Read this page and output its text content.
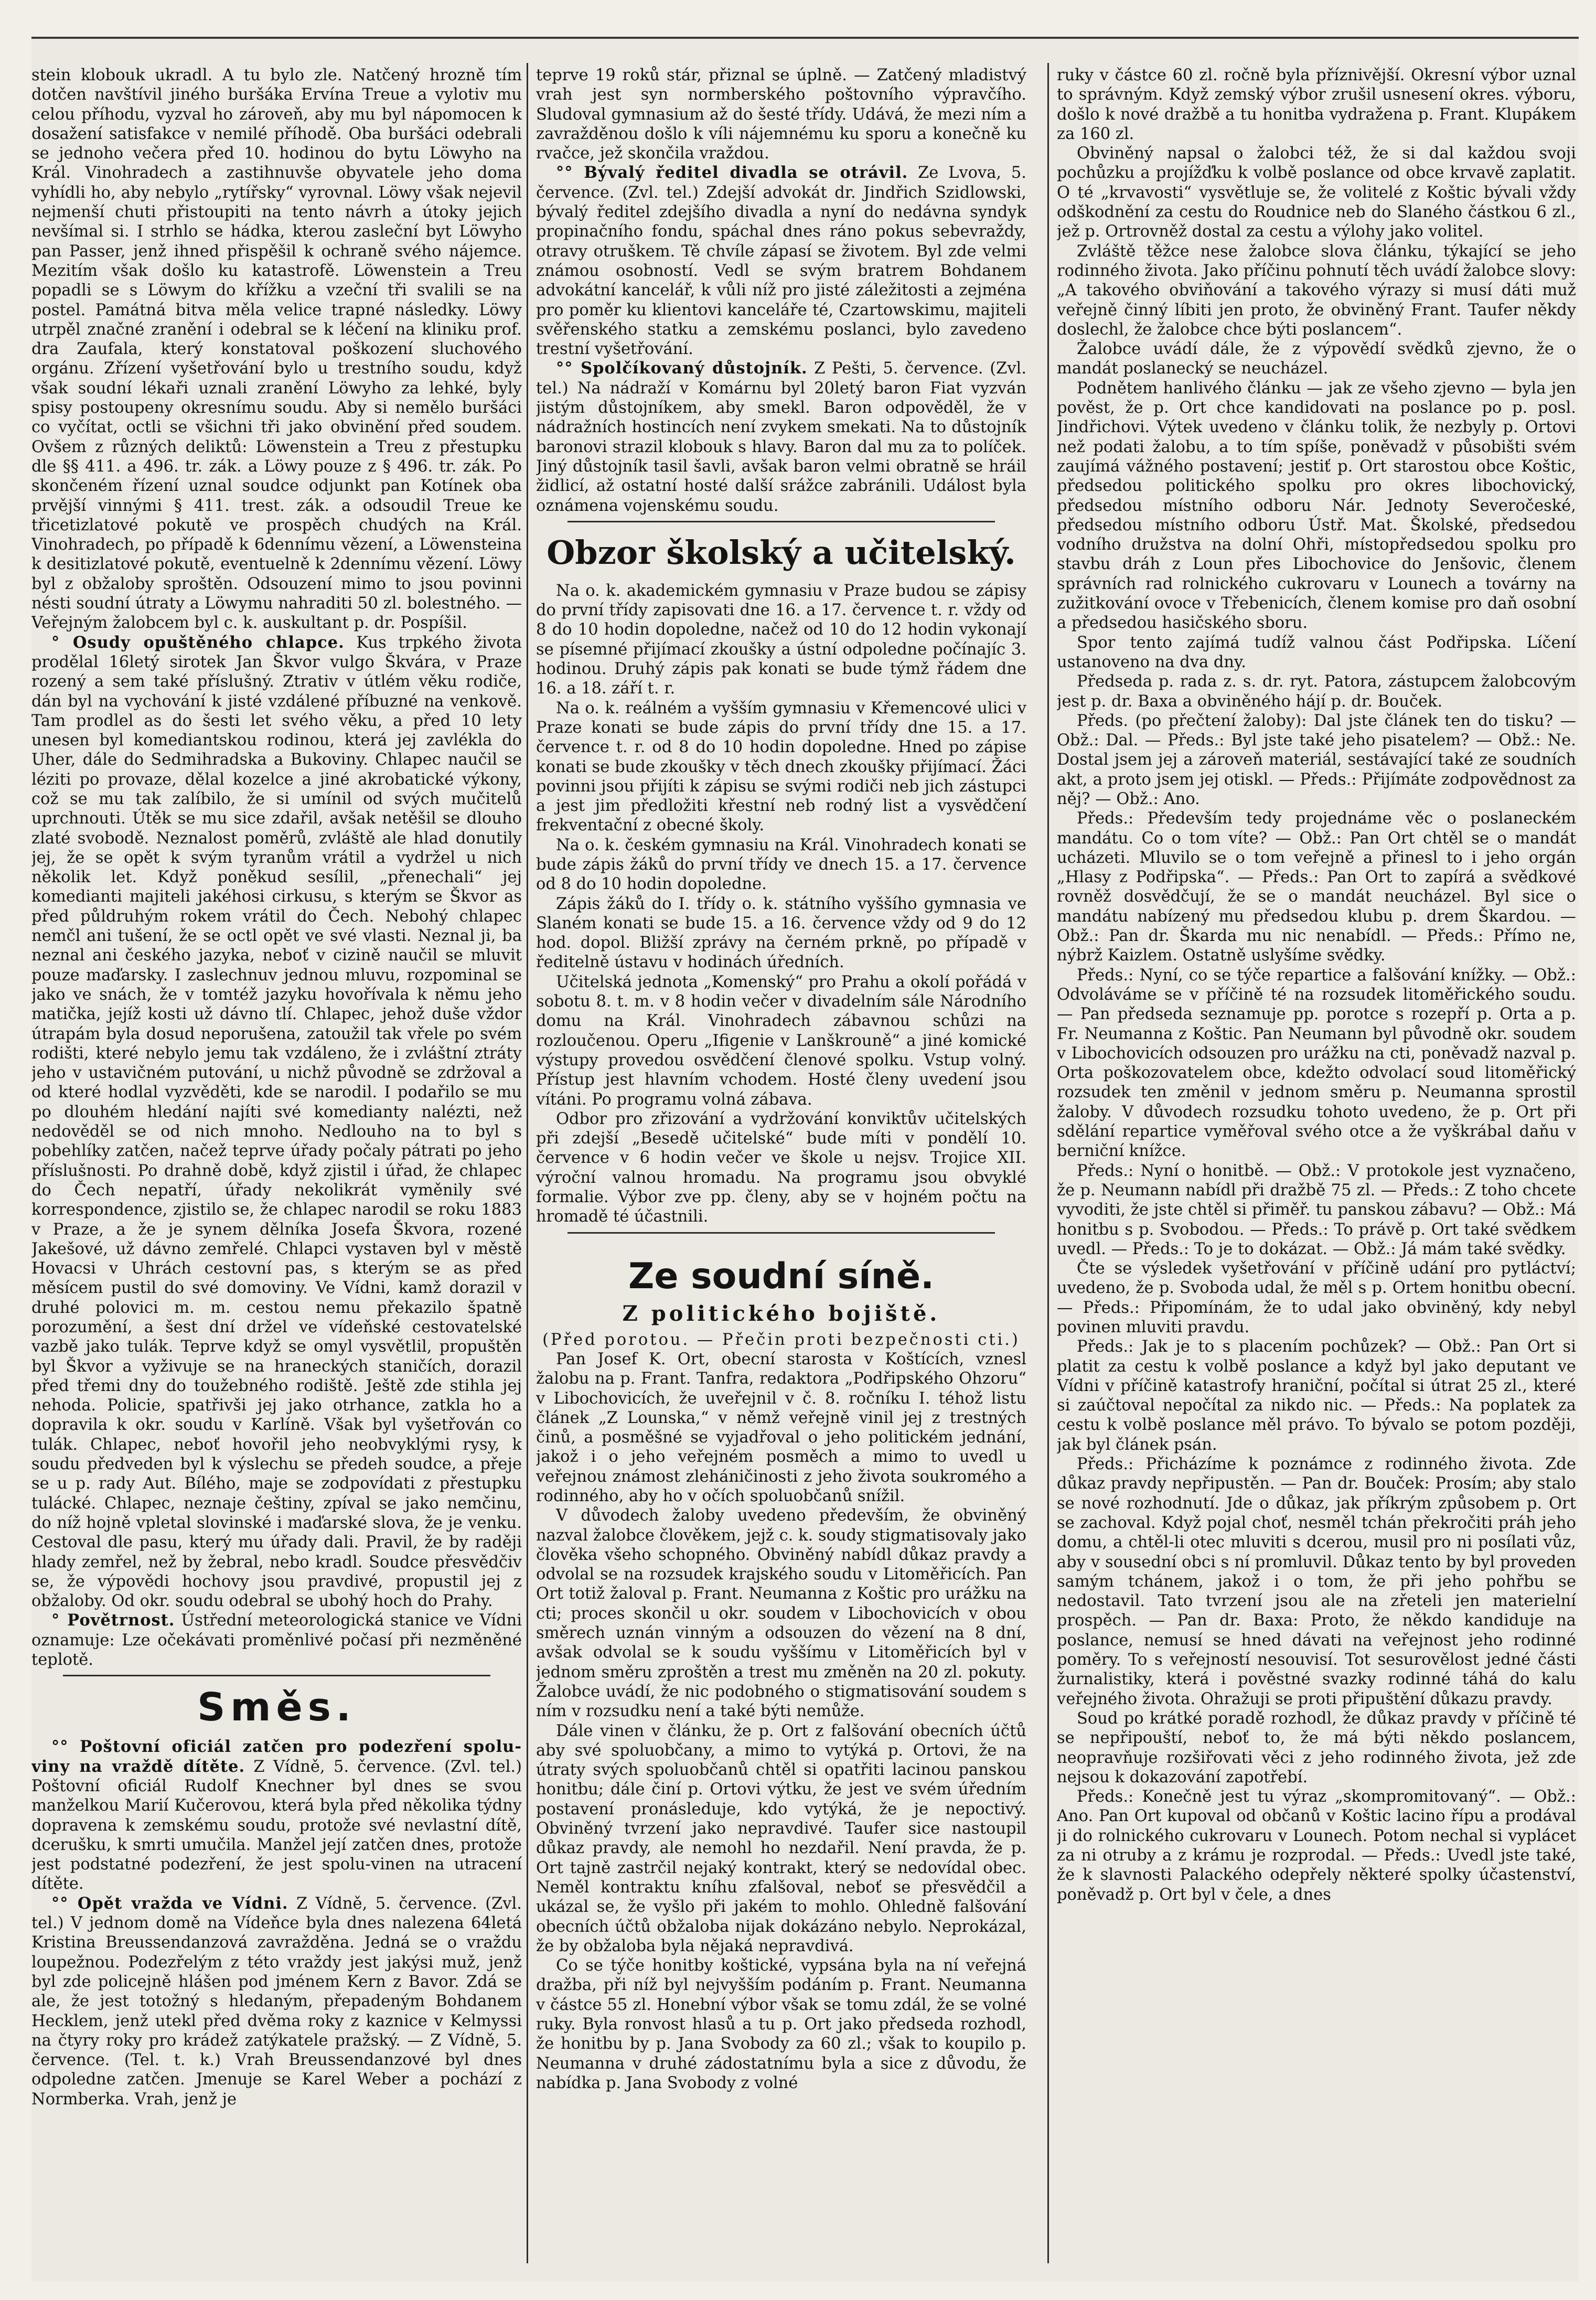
stein klobouk ukradl. A tu bylo zle. Natčený hrozně tím dotčen navštívil jiného buršáka Ervína Treue a vylotiv mu celou příhodu, vyzval ho zároveň, aby mu byl nápomocen k dosažení satisfakce v nemilé příhodě. Oba buršáci odebrali se jednoho večera před 10. hodinou do bytu Löwyho na Král. Vinohradech a zastihnuvše obyvatele jeho doma vyhídli ho, aby nebylo „rytířsky“ vyrovnal. Löwy však nejevil nejmenší chuti přistoupiti na tento návrh a útoky jejich nevšímal si. I strhlo se hádka, kterou zasleční byt Löwyho pan Passer, jenž ihned přispěšil k ochraně svého nájemce. Mezitím však došlo ku katastrofě. Löwenstein a Treu popadli se s Löwym do křížku a vzeční tři svalili se na postel. Památná bitva měla velice trapné následky. Löwy utrpěl značné zranění i odebral se k léčení na kliniku prof. dra Zaufala, který konstatoval poškození sluchového orgánu. Zřízení vyšetřování bylo u trestního soudu, když však soudní lékaři uznali zranění Löwyho za lehké, byly spisy postoupeny okresnímu soudu. Aby si nemělo buršáci co vyčítat, octli se všichni tři jako obvinění před soudem. Ovšem z různých deliktů: Löwenstein a Treu z přestupku dle §§ 411. a 496. tr. zák. a Löwy pouze z § 496. tr. zák. Po skončeném řízení uznal soudce odjunkt pan Kotínek oba prvější vinnými § 411. trest. zák. a odsoudil Treue ke třicetizlatové pokutě ve prospěch chudých na Král. Vinohradech, po případě k 6dennímu vězení, a Löwensteina k desitizlatové pokutě, eventuelně k 2dennímu vězení. Löwy byl z obžaloby sproštěn. Odsouzení mimo to jsou povinni nésti soudní útraty a Löwymu nahraditi 50 zl. bolestného. — Veřejným žalobcem byl c. k. auskultant p. dr. Pospíšil.

° Osudy opuštěného chlapce. Kus trpkého života prodělal 16letý sirotek Jan Škvor vulgo Škvára, v Praze rozený a sem také příslušný. Ztrativ v útlém věku rodiče, dán byl na vychování k jisté vzdálené příbuzné na venkově. Tam prodlel as do šesti let svého věku, a před 10 lety unesen byl komediantskou rodinou, která jej zavlékla do Uher, dále do Sedmihradska a Bukoviny. Chlapec naučil se léziti po provaze, dělal kozelce a jiné akrobatické výkony, což se mu tak zalíbilo, že si umínil od svých mučitelů uprchnouti. Útěk se mu sice zdařil, avšak netěšil se dlouho zlaté svobodě. Neznalost poměrů, zvláště ale hlad donutily jej, že se opět k svým tyranům vrátil a vydržel u nich několik let. Když poněkud sesílil, „přenechali“ jej komedianti majiteli jakéhosi cirkusu, s kterým se Škvor as před půldruhým rokem vrátil do Čech. Nebohý chlapec nemčl ani tušení, že se octl opět ve své vlasti. Neznal ji, ba neznal ani českého jazyka, neboť v cizině naučil se mluvit pouze maďarsky. I zaslechnuv jednou mluvu, rozpominal se jako ve snách, že v tomtéž jazyku hovořívala k němu jeho matička, jejíž kosti už dávno tlí. Chlapec, jehož duše vždor útrapám byla dosud neporušena, zatoužil tak vřele po svém rodišti, které nebylo jemu tak vzdáleno, že i zvláštní ztráty jeho v ustavičném putování, u nichž původně se zdržoval a od které hodlal vyzvěděti, kde se narodil. I podařilo se mu po dlouhém hledání najíti své komedianty nalézti, než nedověděl se od nich mnoho. Nedlouho na to byl s pobehlíky zatčen, načež teprve úřady počaly pátrati po jeho příslušnosti. Po drahně době, když zjistil i úřad, že chlapec do Čech nepatří, úřady nekolikrát vyměnily své korrespondence, zjistilo se, že chlapec narodil se roku 1883 v Praze, a že je synem dělníka Josefa Škvora, rozené Jakešové, už dávno zemřelé. Chlapci vystaven byl v městě Hovacsi v Uhrách cestovní pas, s kterým se as před měsícem pustil do své domoviny. Ve Vídni, kamž dorazil v druhé polovici m. m. cestou nemu překazilo špatně porozumění, a šest dní držel ve vídeňské cestovatelské vazbě jako tulák. Teprve když se omyl vysvětlil, propuštěn byl Škvor a vyživuje se na hraneckých staničích, dorazil před třemi dny do toužebného rodiště. Ještě zde stihla jej nehoda. Policie, spatřivši jej jako otrhance, zatkla ho a dopravila k okr. soudu v Karlíně. Však byl vyšetřován co tulák. Chlapec, neboť hovořil jeho neobvyklými rysy, k soudu předveden byl k výslechu se předeh soudce, a přeje se u p. rady Aut. Bílého, maje se zodpovídati z přestupku tulácké. Chlapec, neznaje češtiny, zpíval se jako nemčinu, do níž hojně vpletal slovinské i maďarské slova, že je venku. Cestoval dle pasu, který mu úřady dali. Pravil, že by raději hlady zemřel, než by žebral, nebo kradl. Soudce přesvědčiv se, že výpovědi hochovy jsou pravdivé, propustil jej z obžaloby. Od okr. soudu odebral se ubohý hoch do Prahy.

° Povětrnost. Ústřední meteorologická stanice ve Vídni oznamuje: Lze očekávati proměnlivé počasí při nezměněné teplotě.

Směs.

°° Poštovní oficiál zatčen pro podezření spolu-viny na vraždě dítěte. Z Vídně, 5. července. (Zvl. tel.) Poštovní oficiál Rudolf Knechner byl dnes se svou manželkou Marií Kučerovou, která byla před několika týdny dopravena k zemskému soudu, protože své nevlastní dítě, dcerušku, k smrti umučila. Manžel její zatčen dnes, protože jest podstatné podezření, že jest spolu-vinen na utracení dítěte.

°° Opět vražda ve Vídni. Z Vídně, 5. července. (Zvl. tel.) V jednom domě na Vídeňce byla dnes nalezena 64letá Kristina Breussendanzová zavražděna. Jedná se o vraždu loupežnou. Podezřelým z této vraždy jest jakýsi muž, jenž byl zde policejně hlášen pod jménem Kern z Bavor. Zdá se ale, že jest totožný s hledaným, přepadeným Bohdanem Hecklem, jenž utekl před dvěma roky z kaznice v Kelmyssi na čtyry roky pro krádež zatýkatele pražský. — Z Vídně, 5. července. (Tel. t. k.) Vrah Breussendanzové byl dnes odpoledne zatčen. Jmenuje se Karel Weber a pochází z Normberka. Vrah, jenž je

teprve 19 roků stár, přiznal se úplně. — Zatčený mladistvý vrah jest syn normberského poštovního výpravčího. Sludoval gymnasium až do šesté třídy. Udává, že mezi ním a zavražděnou došlo k víli nájemnému ku sporu a konečně ku rvačce, jež skončila vraždou.

°° Bývalý ředitel divadla se otrávil. Ze Lvova, 5. července. (Zvl. tel.) Zdejší advokát dr. Jindřich Szidlowski, bývalý ředitel zdejšího divadla a nyní do nedávna syndyk propinačního fondu, spáchal dnes ráno pokus sebevraždy, otravy otruškem. Tě chvíle zápasí se životem. Byl zde velmi známou osobností. Vedl se svým bratrem Bohdanem advokátní kancelář, k vůli níž pro jisté záležitosti a zejména pro poměr ku klientovi kanceláře té, Czartowskimu, majiteli svěřenského statku a zemskému poslanci, bylo zavedeno trestní vyšetřování.

°° Spolčíkovaný důstojník. Z Pešti, 5. července. (Zvl. tel.) Na nádraží v Komárnu byl 20letý baron Fiat vyzván jistým důstojníkem, aby smekl. Baron odpověděl, že v nádražních hostincích není zvykem smekati. Na to důstojník baronovi strazil klobouk s hlavy. Baron dal mu za to políček. Jiný důstojník tasil šavli, avšak baron velmi obratně se hráil židlicí, až ostatní hosté další srážce zabránili. Událost byla oznámena vojenskému soudu.

Obzor školský a učitelský.

Na o. k. akademickém gymnasiu v Praze budou se zápisy do první třídy zapisovati dne 16. a 17. července t. r. vždy od 8 do 10 hodin dopoledne, načež od 10 do 12 hodin vykonají se písemné přijímací zkoušky a ústní odpoledne počínajíc 3. hodinou. Druhý zápis pak konati se bude týmž řádem dne 16. a 18. září t. r.

Na o. k. reálném a vyšším gymnasiu v Křemencové ulici v Praze konati se bude zápis do první třídy dne 15. a 17. července t. r. od 8 do 10 hodin dopoledne. Hned po zápise konati se bude zkoušky v těch dnech zkoušky přijímací. Žáci povinni jsou přijíti k zápisu se svými rodiči neb jich zástupci a jest jim předložiti křestní neb rodný list a vysvědčení frekventační z obecné školy.

Na o. k. českém gymnasiu na Král. Vinohradech konati se bude zápis žáků do první třídy ve dnech 15. a 17. července od 8 do 10 hodin dopoledne.

Zápis žáků do I. třídy o. k. státního vyššího gymnasia ve Slaném konati se bude 15. a 16. července vždy od 9 do 12 hod. dopol. Bližší zprávy na černém prkně, po případě v ředitelně ústavu v hodinách úředních.

Učitelská jednota „Komenský“ pro Prahu a okolí pořádá v sobotu 8. t. m. v 8 hodin večer v divadelním sále Národního domu na Král. Vinohradech zábavnou schůzi na rozloučenou. Operu „Ifigenie v Lanškrouně“ a jiné komické výstupy provedou osvědčení členové spolku. Vstup volný. Přístup jest hlavním vchodem. Hosté členy uvedení jsou vítáni. Po programu volná zábava.

Odbor pro zřizování a vydržování konviktův učitelských při zdejší „Besedě učitelské“ bude míti v pondělí 10. července v 6 hodin večer ve škole u nejsv. Trojice XII. výroční valnou hromadu. Na programu jsou obvyklé formalie. Výbor zve pp. členy, aby se v hojném počtu na hromadě té účastnili.

Ze soudní síně.
Z politického bojiště.

(Před porotou. — Přečin proti bezpečnosti cti.)

Pan Josef K. Ort, obecní starosta v Koštících, vznesl žalobu na p. Frant. Tanfra, redaktora „Podřipského Ohzoru“ v Libochovicích, že uveřejnil v č. 8. ročníku I. téhož listu článek „Z Lounska,“ v němž veřejně vinil jej z trestných činů, a posměšné se vyjadřoval o jeho politickém jednání, jakož i o jeho veřejném posměch a mimo to uvedl u veřejnou známost zleháničinosti z jeho života soukromého a rodinného, aby ho v očích spoluobčanů snížil.

V důvodech žaloby uvedeno především, že obviněný nazval žalobce člověkem, jejž c. k. soudy stigmatisovaly jako člověka všeho schopného. Obviněný nabídl důkaz pravdy a odvolal se na rozsudek krajského soudu v Litoměřicích. Pan Ort totiž žaloval p. Frant. Neumanna z Koštic pro urážku na cti; proces skončil u okr. soudem v Libochovicích v obou směrech uznán vinným a odsouzen do vězení na 8 dní, avšak odvolal se k soudu vyššímu v Litoměřicích byl v jednom směru zproštěn a trest mu změněn na 20 zl. pokuty. Žalobce uvádí, že nic podobného o stigmatisování soudem s ním v rozsudku není a také býti nemůže.

Dále vinen v článku, že p. Ort z falšování obecních účtů aby své spoluobčany, a mimo to vytýká p. Ortovi, že na útraty svých spoluobčanů chtěl si opatřiti lacinou panskou honitbu; dále činí p. Ortovi výtku, že jest ve svém úředním postavení pronásleduje, kdo vytýká, že je nepoctivý. Obviněný tvrzení jako nepravdivé. Taufer sice nastoupil důkaz pravdy, ale nemohl ho nezdařil. Není pravda, že p. Ort tajně zastrčil nejaký kontrakt, který se nedovídal obec. Neměl kontraktu kníhu zfalšoval, neboť se přesvědčil a ukázal se, že vyšlo při jakém to mohlo. Ohledně falšování obecních účtů obžaloba nijak dokázáno nebylo. Neprokázal, že by obžaloba byla nějaká nepravdivá.

Co se týče honitby koštické, vypsána byla na ní veřejná dražba, při níž byl nejvyšším podáním p. Frant. Neumanna v částce 55 zl. Honební výbor však se tomu zdál, že se volné ruky. Byla ronvost hlasů a tu p. Ort jako předseda rozhodl, že honitbu by p. Jana Svobody za 60 zl.; však to koupilo p. Neumanna v druhé zádostatnímu byla a sice z důvodu, že nabídka p. Jana Svobody z volné

ruky v částce 60 zl. ročně byla příznivější. Okresní výbor uznal to správným. Když zemský výbor zrušil usnesení okres. výboru, došlo k nové dražbě a tu honitba vydražena p. Frant. Klupákem za 160 zl.

Obviněný napsal o žalobci též, že si dal každou svoji pochůzku a projížďku k volbě poslance od obce krvavě zaplatit. O té „krvavosti“ vysvětluje se, že volitelé z Koštic bývali vždy odškodnění za cestu do Roudnice neb do Slaného částkou 6 zl., jež p. Ortrovněž dostal za cestu a výlohy jako volitel.

Zvláště těžce nese žalobce slova článku, týkající se jeho rodinného života. Jako příčinu pohnutí těch uvádí žalobce slovy: „A takového obviňování a takového výrazy si musí dáti muž veřejně činný líbiti jen proto, že obviněný Frant. Taufer někdy doslechl, že žalobce chce býti poslancem“.

Žalobce uvádí dále, že z výpovědí svědků zjevno, že o mandát poslanecký se neucházel.

Podnětem hanlivého článku — jak ze všeho zjevno — byla jen pověst, že p. Ort chce kandidovati na poslance po p. posl. Jindřichovi. Výtek uvedeno v článku tolik, že nezbyly p. Ortovi než podati žalobu, a to tím spíše, poněvadž v působišti svém zaujímá vážného postavení; jestiť p. Ort starostou obce Koštic, předsedou politického spolku pro okres libochovický, předsedou místního odboru Nár. Jednoty Severočeské, předsedou místního odboru Ústř. Mat. Školské, předsedou vodního družstva na dolní Ohři, místopředsedou spolku pro stavbu dráh z Loun přes Libochovice do Jenšovic, členem správních rad rolnického cukrovaru v Lounech a továrny na zužitkování ovoce v Třebenicích, členem komise pro daň osobní a předsedou hasičského sboru.

Spor tento zajímá tudíž valnou část Podřipska. Líčení ustanoveno na dva dny.

Předseda p. rada z. s. dr. ryt. Patora, zástupcem žalobcovým jest p. dr. Baxa a obviněného hájí p. dr. Bouček.

Předs. (po přečtení žaloby): Dal jste článek ten do tisku? — Obž.: Dal. — Předs.: Byl jste také jeho pisatelem? — Obž.: Ne. Dostal jsem jej a zároveň materiál, sestávající také ze soudních akt, a proto jsem jej otiskl. — Předs.: Přijímáte zodpovědnost za něj? — Obž.: Ano.

Předs.: Především tedy projednáme věc o poslaneckém mandátu. Co o tom víte? — Obž.: Pan Ort chtěl se o mandát ucházeti. Mluvilo se o tom veřejně a přinesl to i jeho orgán „Hlasy z Podřipska“. — Předs.: Pan Ort to zapírá a svědkové rovněž dosvědčují, že se o mandát neucházel. Byl sice o mandátu nabízený mu předsedou klubu p. drem Škardou. — Obž.: Pan dr. Škarda mu nic nenabídl. — Předs.: Přímo ne, nýbrž Kaizlem. Ostatně uslyšíme svědky.

Předs.: Nyní, co se týče repartice a falšování knížky. — Obž.: Odvoláváme se v příčině té na rozsudek litoměřického soudu. — Pan předseda seznamuje pp. porotce s rozepří p. Orta a p. Fr. Neumanna z Koštic. Pan Neumann byl původně okr. soudem v Libochovicích odsouzen pro urážku na cti, poněvadž nazval p. Orta poškozovatelem obce, kdežto odvolací soud litoměřický rozsudek ten změnil v jednom směru p. Neumanna sprostil žaloby. V důvodech rozsudku tohoto uvedeno, že p. Ort při sdělání repartice vyměřoval svého otce a že vyškrábal daňu v berniční knížce.

Předs.: Nyní o honitbě. — Obž.: V protokole jest vyznačeno, že p. Neumann nabídl při dražbě 75 zl. — Předs.: Z toho chcete vyvoditi, že jste chtěl si přiměř. tu panskou zábavu? — Obž.: Má honitbu s p. Svobodou. — Předs.: To právě p. Ort také svědkem uvedl. — Předs.: To je to dokázat. — Obž.: Já mám také svědky.

Čte se výsledek vyšetřování v příčině udání pro pytláctví; uvedeno, že p. Svoboda udal, že měl s p. Ortem honitbu obecní. — Předs.: Připomínám, že to udal jako obviněný, kdy nebyl povinen mluviti pravdu.

Předs.: Jak je to s placením pochůzek? — Obž.: Pan Ort si platit za cestu k volbě poslance a když byl jako deputant ve Vídni v příčině katastrofy hraniční, počítal si útrat 25 zl., které si zaúčtoval nepočítal za nikdo nic. — Předs.: Na poplatek za cestu k volbě poslance měl právo. To bývalo se potom později, jak byl článek psán.

Předs.: Přicházíme k poznámce z rodinného života. Zde důkaz pravdy nepřipustěn. — Pan dr. Bouček: Prosím; aby stalo se nové rozhodnutí. Jde o důkaz, jak příkrým způsobem p. Ort se zachoval. Když pojal choť, nesměl tchán překročiti práh jeho domu, a chtěl-li otec mluviti s dcerou, musil pro ni posílati vůz, aby v sousední obci s ní promluvil. Důkaz tento by byl proveden samým tchánem, jakož i o tom, že při jeho pohřbu se nedostavil. Tato tvrzení jsou ale na zřeteli jen materielní prospěch. — Pan dr. Baxa: Proto, že někdo kandiduje na poslance, nemusí se hned dávati na veřejnost jeho rodinné poměry. To s veřejností nesouvisí. Tot sesurovělost jedné části žurnalistiky, která i pověstné svazky rodinné táhá do kalu veřejného života. Ohražuji se proti připuštění důkazu pravdy.

Soud po krátké poradě rozhodl, že důkaz pravdy v příčině té se nepřipouští, neboť to, že má býti někdo poslancem, neopravňuje rozšiřovati věci z jeho rodinného života, jež zde nejsou k dokazování zapotřebí.

Předs.: Konečně jest tu výraz „skompromitovaný“. — Obž.: Ano. Pan Ort kupoval od občanů v Koštic lacino řípu a prodával ji do rolnického cukrovaru v Lounech. Potom nechal si vyplácet za ni otruby a z krámu je rozprodal. — Předs.: Uvedl jste také, že k slavnosti Palackého odepřely některé spolky účastenství, poněvadž p. Ort byl v čele, a dnes
